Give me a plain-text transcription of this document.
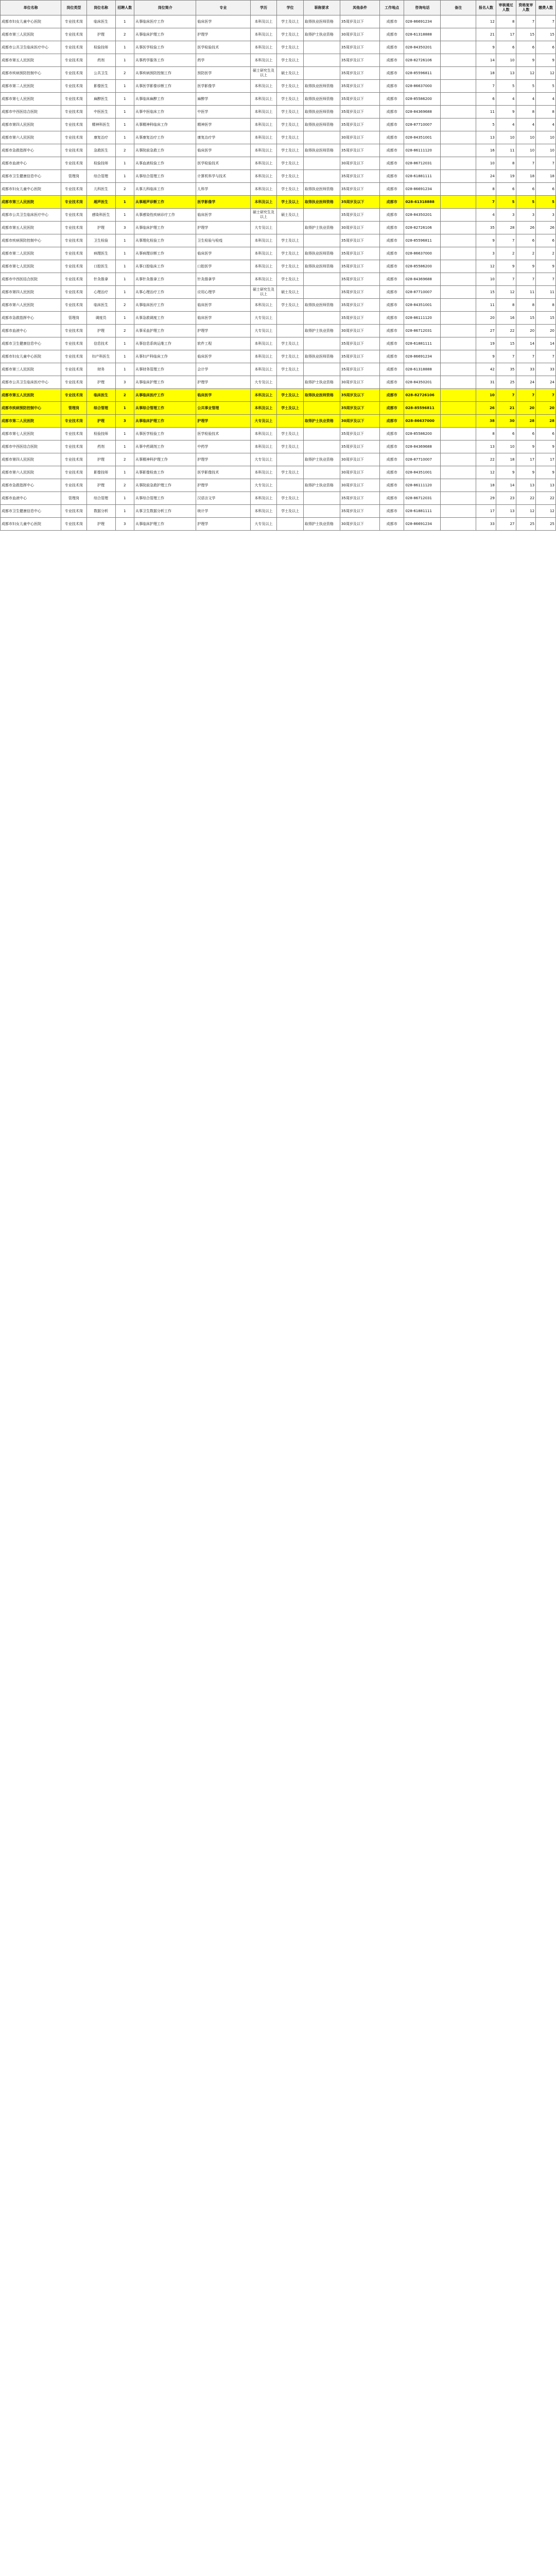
单位名称	岗位类型	岗位名称	招聘人数	岗位简介	专业	学历	学位	职称要求	其他条件	工作地点	咨询电话	备注	报名人数	审核通过人数	资格复审人数	缴费人数
成都市妇女儿童中心医院	专业技术岗	临床医生	1	从事临床医疗工作	临床医学	本科及以上	学士及以上	取得执业医师资格	35周岁及以下	成都市	028-86691234		12	8	7	7
成都市第三人民医院	专业技术岗	护理	2	从事临床护理工作	护理学	本科及以上	学士及以上	取得护士执业资格	30周岁及以下	成都市	028-61318888		21	17	15	15
成都市公共卫生临床医疗中心	专业技术岗	检验技师	1	从事医学检验工作	医学检验技术	本科及以上	学士及以上		35周岁及以下	成都市	028-84350201		9	6	6	6
成都市第五人民医院	专业技术岗	药剂	1	从事药学服务工作	药学	本科及以上	学士及以上		35周岁及以下	成都市	028-82726106		14	10	9	9
成都市疾病预防控制中心	专业技术岗	公共卫生	2	从事疾病预防控制工作	预防医学	硕士研究生及以上	硕士及以上		35周岁及以下	成都市	028-85596811		18	13	12	12
成都市第二人民医院	专业技术岗	影像医生	1	从事医学影像诊断工作	医学影像学	本科及以上	学士及以上	取得执业医师资格	35周岁及以下	成都市	028-86637000		7	5	5	5
成都市第七人民医院	专业技术岗	麻醉医生	1	从事临床麻醉工作	麻醉学	本科及以上	学士及以上	取得执业医师资格	35周岁及以下	成都市	028-85586200		6	4	4	4
成都市中西医结合医院	专业技术岗	中医医生	1	从事中医临床工作	中医学	本科及以上	学士及以上	取得执业医师资格	35周岁及以下	成都市	028-84369688		11	9	8	8
成都市第四人民医院	专业技术岗	精神科医生	1	从事精神科临床工作	精神医学	本科及以上	学士及以上	取得执业医师资格	35周岁及以下	成都市	028-87710007		5	4	4	4
成都市第六人民医院	专业技术岗	康复治疗	1	从事康复治疗工作	康复治疗学	本科及以上	学士及以上		30周岁及以下	成都市	028-84351001		13	10	10	10
成都市急救指挥中心	专业技术岗	急救医生	2	从事院前急救工作	临床医学	本科及以上	学士及以上	取得执业医师资格	35周岁及以下	成都市	028-86111120		16	11	10	10
成都市血液中心	专业技术岗	检验技师	1	从事血液检验工作	医学检验技术	本科及以上	学士及以上		30周岁及以下	成都市	028-86712031		10	8	7	7
成都市卫生健康信息中心	管理岗	综合管理	1	从事综合管理工作	计算机科学与技术	本科及以上	学士及以上		35周岁及以下	成都市	028-61881111		24	19	18	18
成都市妇女儿童中心医院	专业技术岗	儿科医生	2	从事儿科临床工作	儿科学	本科及以上	学士及以上	取得执业医师资格	35周岁及以下	成都市	028-86691234		8	6	6	6
成都市第三人民医院	专业技术岗	超声医生	1	从事超声诊断工作	医学影像学	本科及以上	学士及以上	取得执业医师资格	35周岁及以下	成都市	028-61318888		7	5	5	5
成都市公共卫生临床医疗中心	专业技术岗	感染科医生	1	从事感染性疾病诊疗工作	临床医学	硕士研究生及以上	硕士及以上		35周岁及以下	成都市	028-84350201		4	3	3	3
成都市第五人民医院	专业技术岗	护理	3	从事临床护理工作	护理学	大专及以上		取得护士执业资格	30周岁及以下	成都市	028-82726106		35	28	26	26
成都市疾病预防控制中心	专业技术岗	卫生检验	1	从事理化检验工作	卫生检验与检疫	本科及以上	学士及以上		35周岁及以下	成都市	028-85596811		9	7	6	6
成都市第二人民医院	专业技术岗	病理医生	1	从事病理诊断工作	临床医学	本科及以上	学士及以上	取得执业医师资格	35周岁及以下	成都市	028-86637000		3	2	2	2
成都市第七人民医院	专业技术岗	口腔医生	1	从事口腔临床工作	口腔医学	本科及以上	学士及以上	取得执业医师资格	35周岁及以下	成都市	028-85586200		12	9	9	9
成都市中西医结合医院	专业技术岗	针灸推拿	1	从事针灸推拿工作	针灸推拿学	本科及以上	学士及以上		35周岁及以下	成都市	028-84369688		10	7	7	7
成都市第四人民医院	专业技术岗	心理治疗	1	从事心理治疗工作	应用心理学	硕士研究生及以上	硕士及以上		35周岁及以下	成都市	028-87710007		15	12	11	11
成都市第六人民医院	专业技术岗	临床医生	2	从事临床医疗工作	临床医学	本科及以上	学士及以上	取得执业医师资格	35周岁及以下	成都市	028-84351001		11	8	8	8
成都市急救指挥中心	管理岗	调度员	1	从事急救调度工作	临床医学	大专及以上			35周岁及以下	成都市	028-86111120		20	16	15	15
成都市血液中心	专业技术岗	护理	2	从事采血护理工作	护理学	大专及以上		取得护士执业资格	30周岁及以下	成都市	028-86712031		27	22	20	20
成都市卫生健康信息中心	专业技术岗	信息技术	1	从事信息系统运维工作	软件工程	本科及以上	学士及以上		35周岁及以下	成都市	028-61881111		19	15	14	14
成都市妇女儿童中心医院	专业技术岗	妇产科医生	1	从事妇产科临床工作	临床医学	本科及以上	学士及以上	取得执业医师资格	35周岁及以下	成都市	028-86691234		9	7	7	7
成都市第三人民医院	专业技术岗	财务	1	从事财务管理工作	会计学	本科及以上	学士及以上		35周岁及以下	成都市	028-61318888		42	35	33	33
成都市公共卫生临床医疗中心	专业技术岗	护理	3	从事临床护理工作	护理学	大专及以上		取得护士执业资格	30周岁及以下	成都市	028-84350201		31	25	24	24
成都市第五人民医院	专业技术岗	临床医生	2	从事临床医疗工作	临床医学	本科及以上	学士及以上	取得执业医师资格	35周岁及以下	成都市	028-82726106		10	7	7	7
成都市疾病预防控制中心	管理岗	综合管理	1	从事综合管理工作	公共事业管理	本科及以上	学士及以上		35周岁及以下	成都市	028-85596811		26	21	20	20
成都市第二人民医院	专业技术岗	护理	3	从事临床护理工作	护理学	大专及以上		取得护士执业资格	30周岁及以下	成都市	028-86637000		38	30	28	28
成都市第七人民医院	专业技术岗	检验技师	1	从事医学检验工作	医学检验技术	本科及以上	学士及以上		35周岁及以下	成都市	028-85586200		8	6	6	6
成都市中西医结合医院	专业技术岗	药剂	1	从事中药调剂工作	中药学	本科及以上	学士及以上		35周岁及以下	成都市	028-84369688		13	10	9	9
成都市第四人民医院	专业技术岗	护理	2	从事精神科护理工作	护理学	大专及以上		取得护士执业资格	30周岁及以下	成都市	028-87710007		22	18	17	17
成都市第六人民医院	专业技术岗	影像技师	1	从事影像检查工作	医学影像技术	本科及以上	学士及以上		30周岁及以下	成都市	028-84351001		12	9	9	9
成都市急救指挥中心	专业技术岗	护理	2	从事院前急救护理工作	护理学	大专及以上		取得护士执业资格	30周岁及以下	成都市	028-86111120		18	14	13	13
成都市血液中心	管理岗	综合管理	1	从事综合管理工作	汉语言文学	本科及以上	学士及以上		35周岁及以下	成都市	028-86712031		29	23	22	22
成都市卫生健康信息中心	专业技术岗	数据分析	1	从事卫生数据分析工作	统计学	本科及以上	学士及以上		35周岁及以下	成都市	028-61881111		17	13	12	12
成都市妇女儿童中心医院	专业技术岗	护理	3	从事临床护理工作	护理学	大专及以上		取得护士执业资格	30周岁及以下	成都市	028-86691234		33	27	25	25
